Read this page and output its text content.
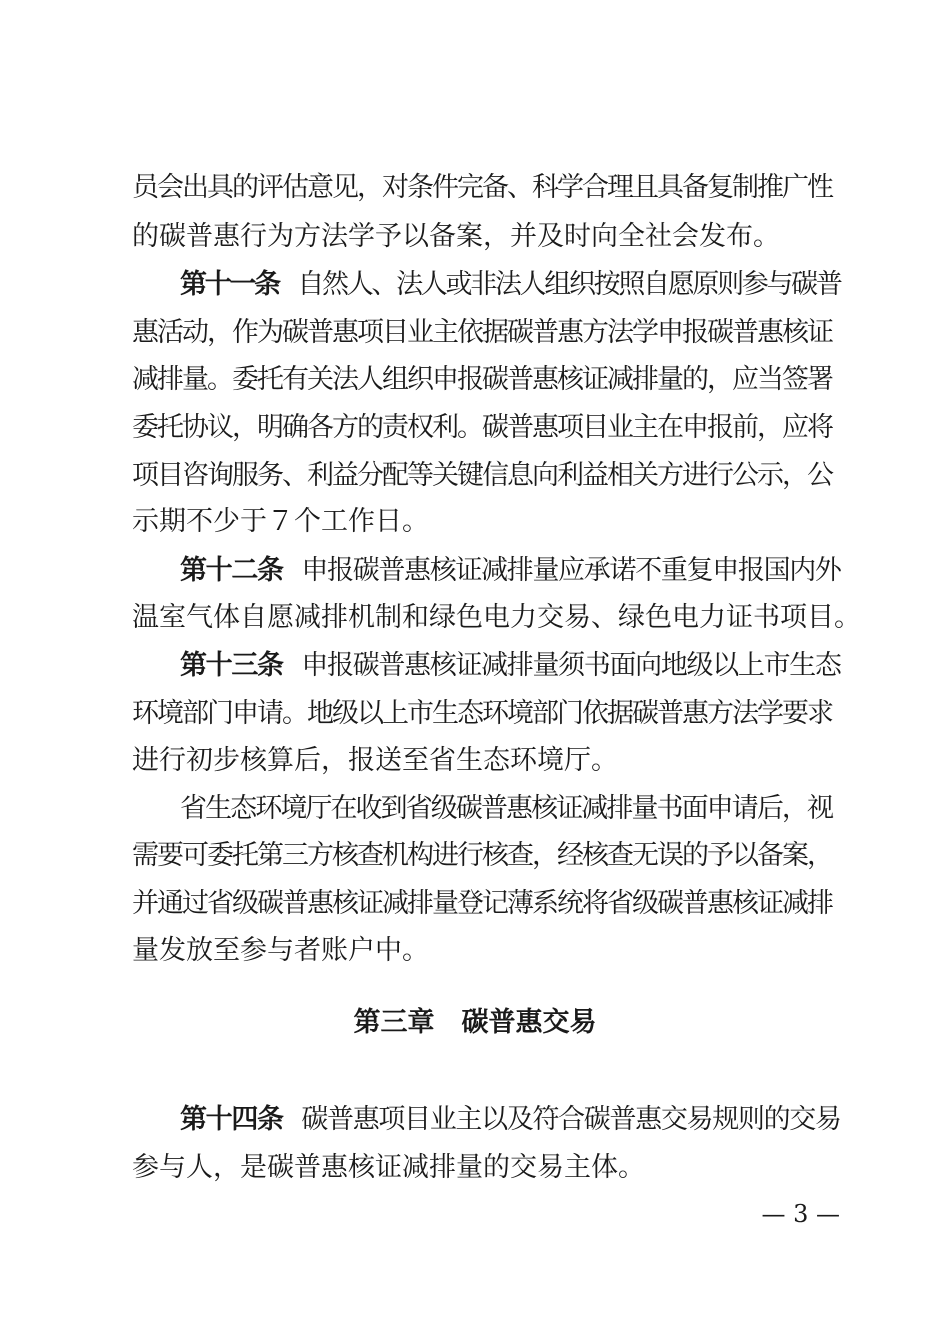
员会出具的评估意见，对条件完备、科学合理且具备复制推广性
的碳普惠行为方法学予以备案，并及时向全社会发布。
第十一条 自然人、法人或非法人组织按照自愿原则参与碳普
惠活动，作为碳普惠项目业主依据碳普惠方法学申报碳普惠核证
减排量。委托有关法人组织申报碳普惠核证减排量的，应当签署
委托协议，明确各方的责权利。碳普惠项目业主在申报前，应将
项目咨询服务、利益分配等关键信息向利益相关方进行公示，公
示期不少于７个工作日。
第十二条 申报碳普惠核证减排量应承诺不重复申报国内外
温室气体自愿减排机制和绿色电力交易、绿色电力证书项目。
第十三条 申报碳普惠核证减排量须书面向地级以上市生态
环境部门申请。地级以上市生态环境部门依据碳普惠方法学要求
进行初步核算后，报送至省生态环境厅。
省生态环境厅在收到省级碳普惠核证减排量书面申请后，视
需要可委托第三方核查机构进行核查，经核查无误的予以备案，
并通过省级碳普惠核证减排量登记薄系统将省级碳普惠核证减排
量发放至参与者账户中。
第三章　碳普惠交易
第十四条 碳普惠项目业主以及符合碳普惠交易规则的交易
参与人，是碳普惠核证减排量的交易主体。
— 3 —
